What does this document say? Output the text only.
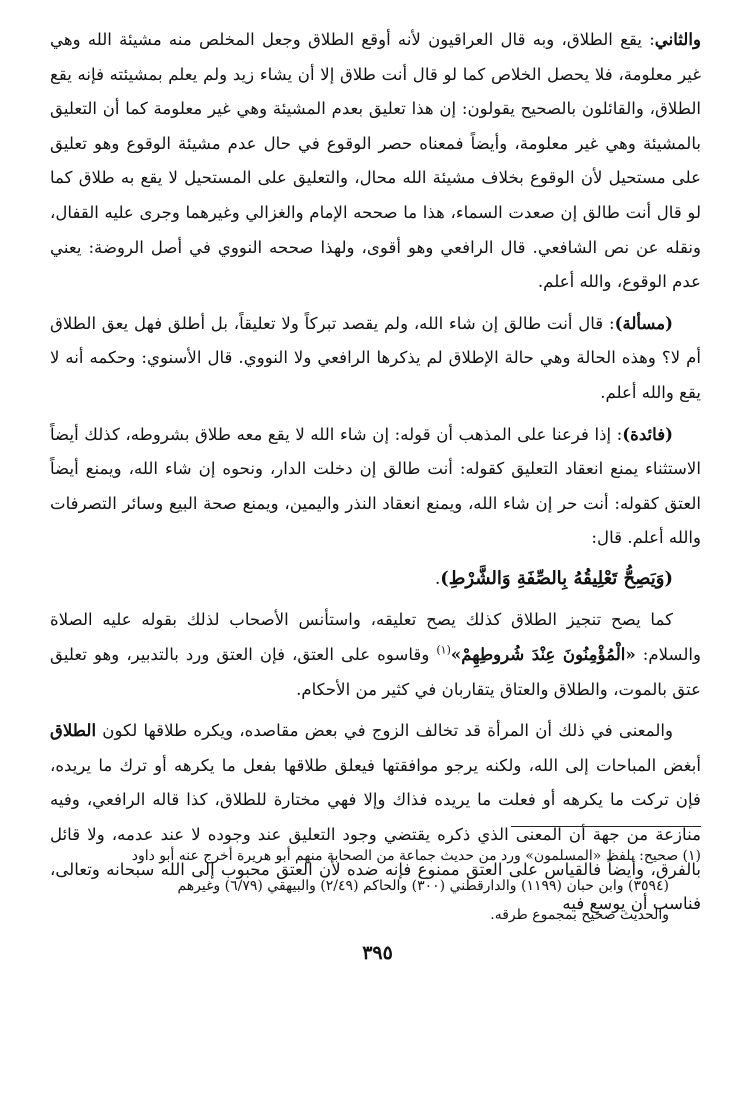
والثاني: يقع الطلاق، وبه قال العراقيون لأنه أوقع الطلاق وجعل المخلص منه مشيئة الله وهي غير معلومة، فلا يحصل الخلاص كما لو قال أنت طلاق إلا أن يشاء زيد ولم يعلم بمشيئته فإنه يقع الطلاق، والقائلون بالصحيح يقولون: إن هذا تعليق بعدم المشيئة وهي غير معلومة كما أن التعليق بالمشيئة وهي غير معلومة، وأيضاً فمعناه حصر الوقوع في حال عدم مشيئة الوقوع وهو تعليق على مستحيل لأن الوقوع بخلاف مشيئة الله محال، والتعليق على المستحيل لا يقع به طلاق كما لو قال أنت طالق إن صعدت السماء، هذا ما صححه الإمام والغزالي وغيرهما وجرى عليه القفال، ونقله عن نص الشافعي. قال الرافعي وهو أقوى، ولهذا صححه النووي في أصل الروضة: يعني عدم الوقوع، والله أعلم.

(مسألة): قال أنت طالق إن شاء الله، ولم يقصد تبركاً ولا تعليقاً، بل أطلق فهل يعق الطلاق أم لا؟ وهذه الحالة وهي حالة الإطلاق لم يذكرها الرافعي ولا النووي. قال الأسنوي: وحكمه أنه لا يقع والله أعلم.

(فائدة): إذا فرعنا على المذهب أن قوله: إن شاء الله لا يقع معه طلاق بشروطه، كذلك أيضاً الاستثناء يمنع انعقاد التعليق كقوله: أنت طالق إن دخلت الدار، ونحوه إن شاء الله، ويمنع أيضاً العتق كقوله: أنت حر إن شاء الله، ويمنع انعقاد النذر واليمين، ويمنع صحة البيع وسائر التصرفات والله أعلم. قال:

(وَيَصِحُّ تَعْلِيقُهُ بِالصِّفَةِ وَالشَّرْطِ).

كما يصح تنجيز الطلاق كذلك يصح تعليقه، واستأنس الأصحاب لذلك بقوله عليه الصلاة والسلام: «الْمُؤْمِنُونَ عِنْدَ شُروطِهِمْ»$^{(١)}$ وقاسوه على العتق، فإن العتق ورد بالتدبير، وهو تعليق عتق بالموت، والطلاق والعتاق يتقاربان في كثير من الأحكام.

والمعنى في ذلك أن المرأة قد تخالف الزوج في بعض مقاصده، ويكره طلاقها لكون الطلاق أبغض المباحات إلى الله، ولكنه يرجو موافقتها فيعلق طلاقها بفعل ما يكرهه أو ترك ما يريده، فإن تركت ما يكرهه أو فعلت ما يريده فذاك وإلا فهي مختارة للطلاق، كذا قاله الرافعي، وفيه منازعة من جهة أن المعنى الذي ذكره يقتضي وجود التعليق عند وجوده لا عند عدمه، ولا قائل بالفرق، وأيضاً فالقياس على العتق ممنوع فإنه ضده لأن العتق محبوب إلى الله سبحانه وتعالى، فناسب أن يوسع فيه

(١) صحيح: بلفظ «المسلمون» ورد من حديث جماعة من الصحابة منهم أبو هريرة أخرج عنه أبو داود

(٣٥٩٤) وابن حبان (١١٩٩) والدارقطني (٣٠٠) والحاكم (٢/٤٩) والبيهقي (٦/٧٩) وغيرهم

والحديث صحيح بمجموع طرقه.

٣٩٥
